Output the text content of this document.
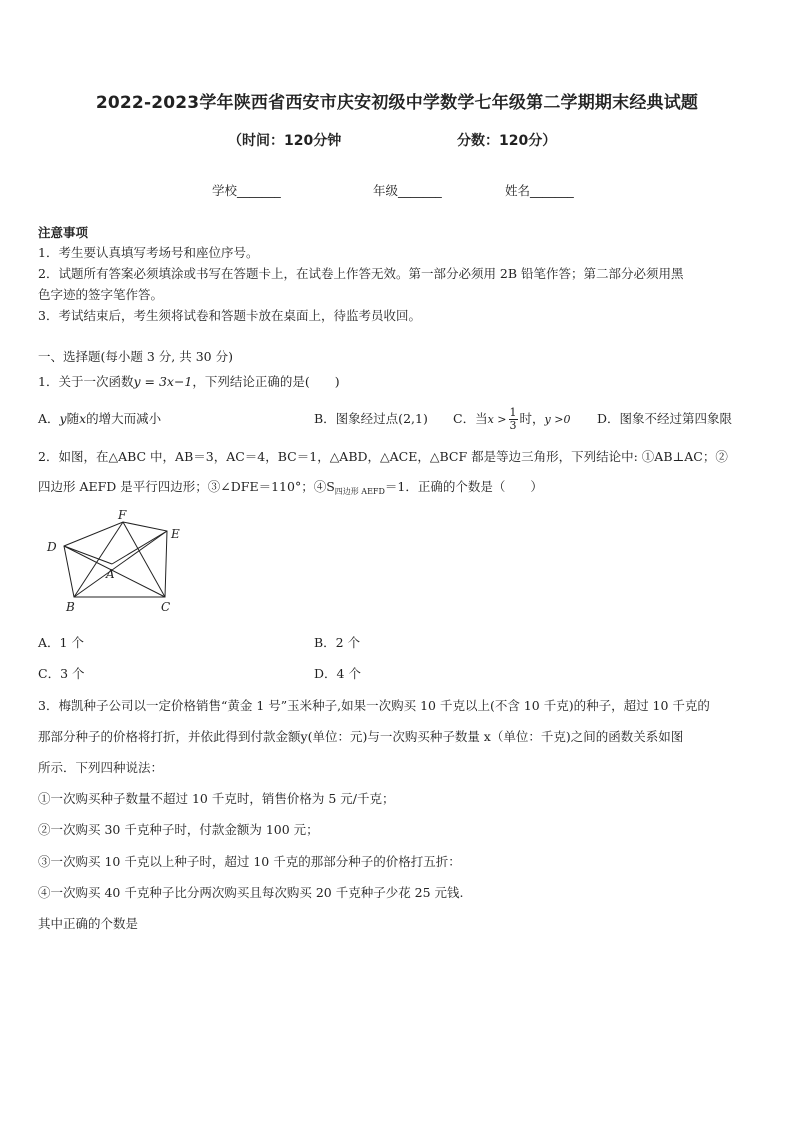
2022-2023学年陕西省西安市庆安初级中学数学七年级第二学期期末经典试题
（时间：120分钟	分数：120分）
学校_______	年级_______	姓名_______
注意事项
1．考生要认真填写考场号和座位序号。
2．试题所有答案必须填涂或书写在答题卡上，在试卷上作答无效。第一部分必须用 2B 铅笔作答；第二部分必须用黑
色字迹的签字笔作答。
3．考试结束后，考生须将试卷和答题卡放在桌面上，待监考员收回。
一、选择题(每小题 3 分, 共 30 分)
1．关于一次函数y = 3x−1，下列结论正确的是(　　)
A．y随x的增大而减小	B．图象经过点(2,1) C．当$x > \frac{1}{3}$ 时，y >0 D．图象不经过第四象限
2．如图，在△ABC 中，AB＝3，AC＝4，BC＝1，△ABD，△ACE，△BCF 都是等边三角形，下列结论中: ①AB⊥AC；②
四边形 AEFD 是平行四边形；③∠DFE＝110°；$④S_{四边形 AEFD}=1$．正确的个数是（　　）
F
E
D
A
B	C
A．1 个	B．2 个
C．3 个	D．4 个
3．梅凯种子公司以一定价格销售“黄金 1 号”玉米种子,如果一次购买 10 千克以上(不含 10 千克)的种子，超过 10 千克的
那部分种子的价格将打折，并依此得到付款金额y(单位：元)与一次购买种子数量 x（单位：千克)之间的函数关系如图
所示．下列四种说法：
①一次购买种子数量不超过 10 千克时，销售价格为 5 元/千克；
②一次购买 30 千克种子时，付款金额为 100 元；
③一次购买 10 千克以上种子时，超过 10 千克的那部分种子的价格打五折：
④一次购买 40 千克种子比分两次购买且每次购买 20 千克种子少花 25 元钱.
其中正确的个数是
